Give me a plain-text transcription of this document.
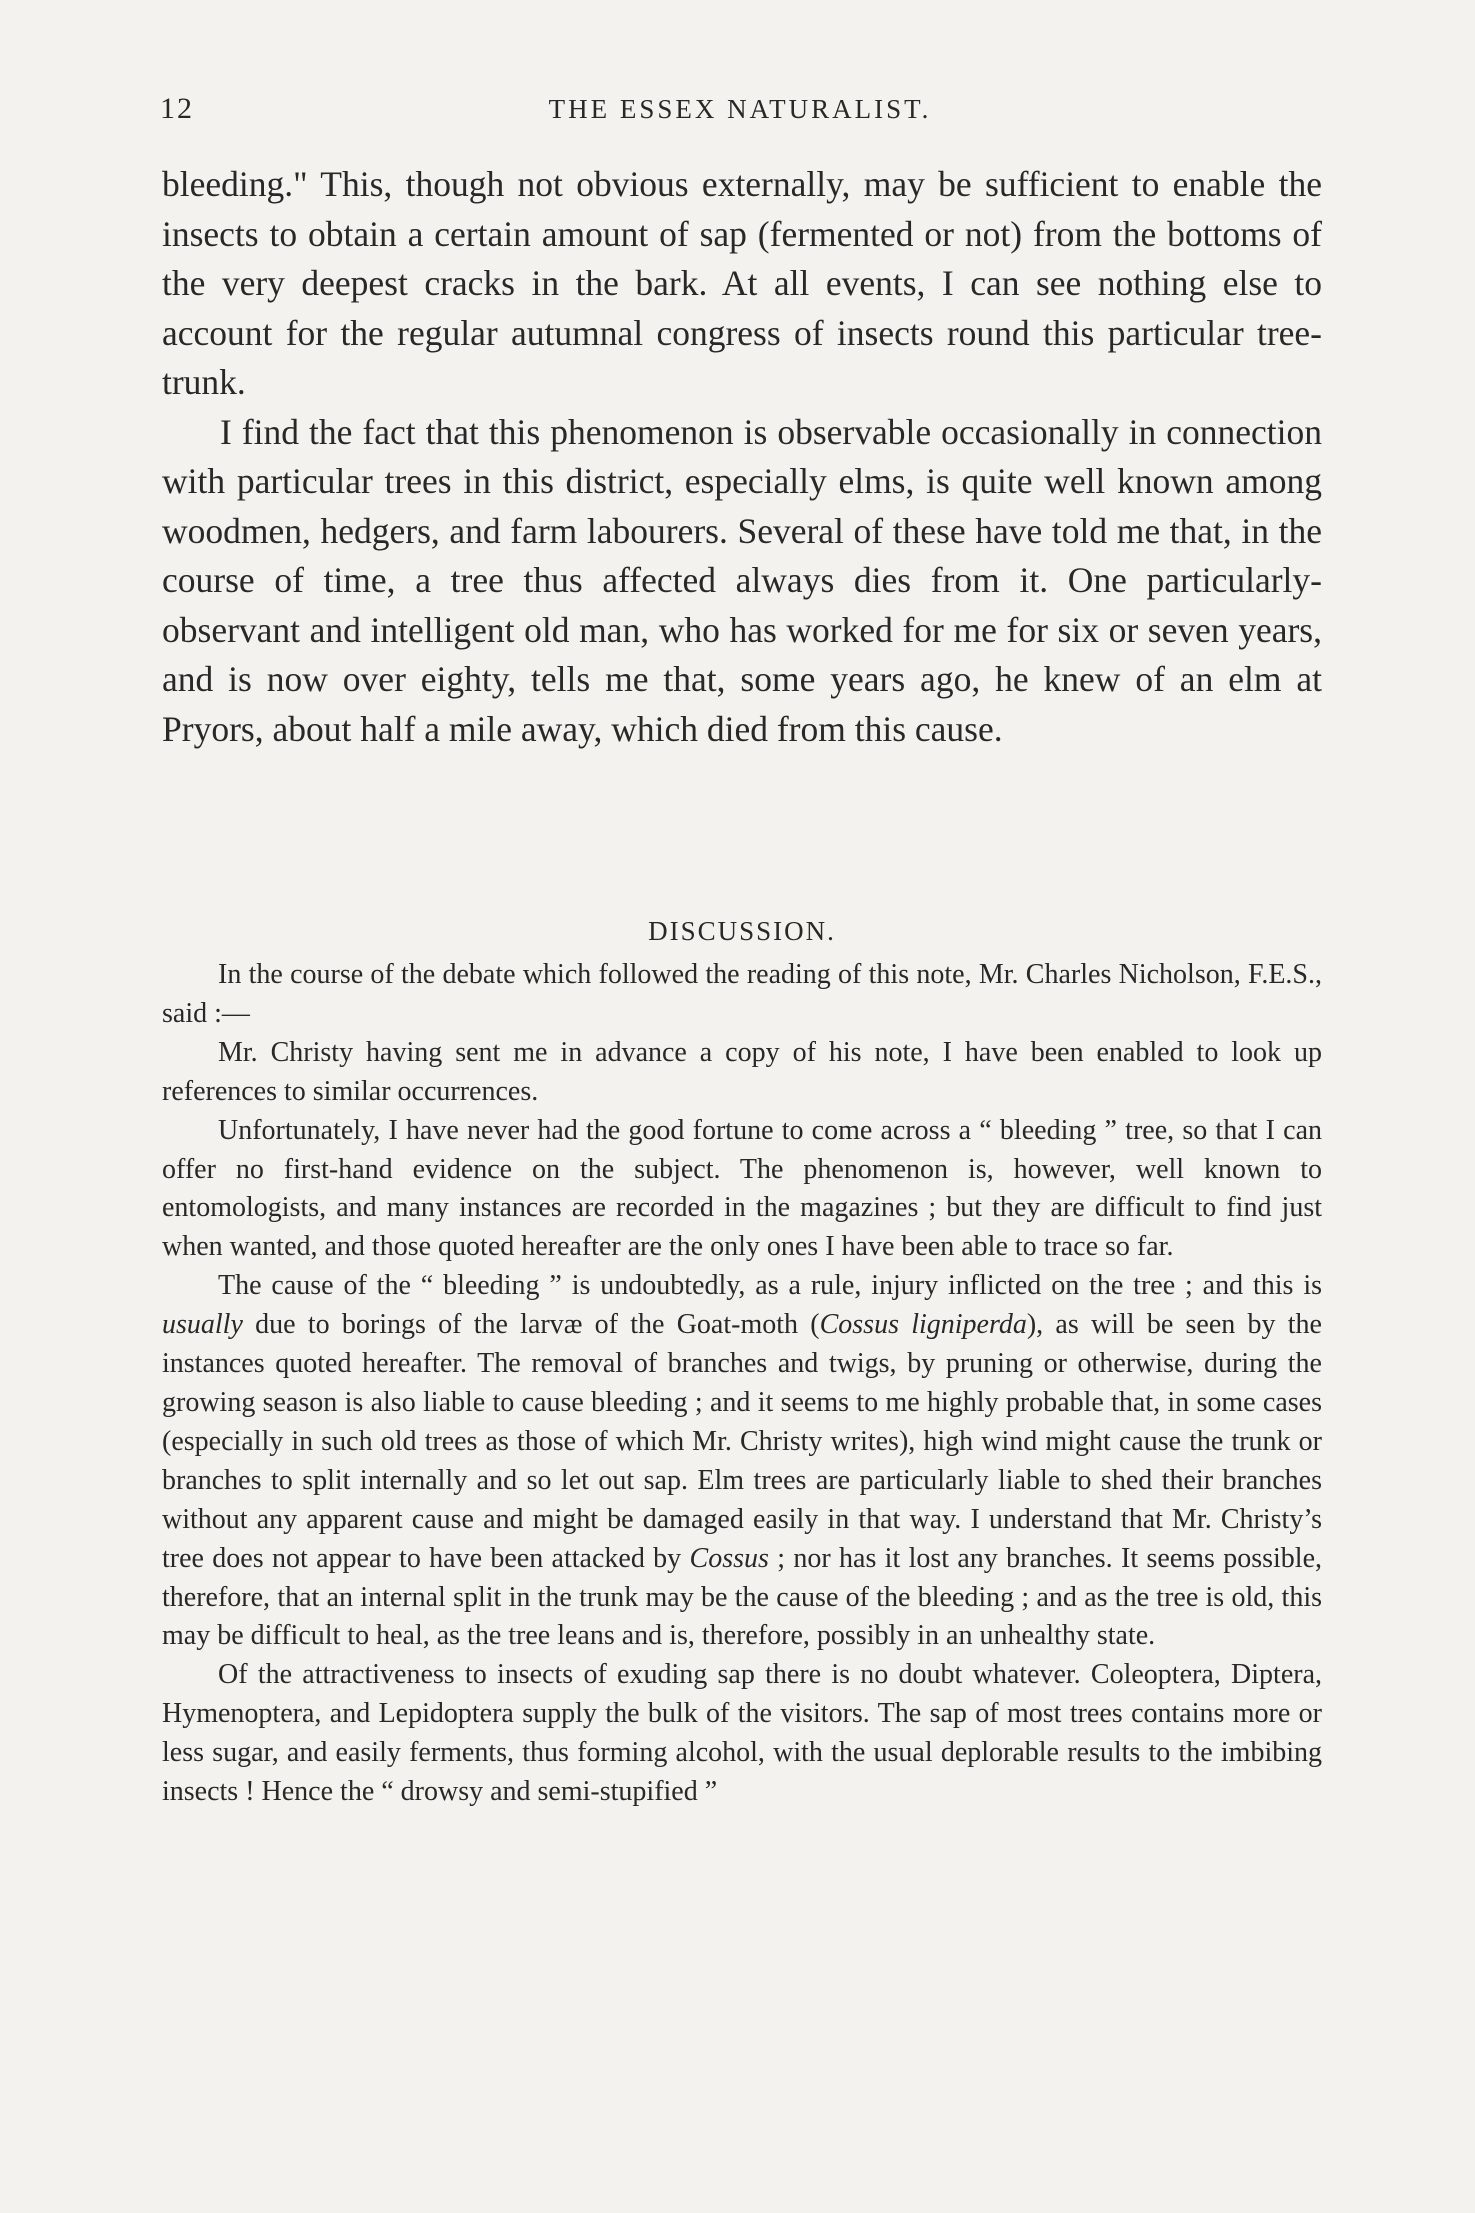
12	THE ESSEX NATURALIST.

bleeding." This, though not obvious externally, may be sufficient to enable the insects to obtain a certain amount of sap (fermented or not) from the bottoms of the very deepest cracks in the bark. At all events, I can see nothing else to account for the regular autumnal congress of insects round this particular tree-trunk.

I find the fact that this phenomenon is observable occasionally in connection with particular trees in this district, especially elms, is quite well known among woodmen, hedgers, and farm labourers. Several of these have told me that, in the course of time, a tree thus affected always dies from it. One particularly-observant and intelligent old man, who has worked for me for six or seven years, and is now over eighty, tells me that, some years ago, he knew of an elm at Pryors, about half a mile away, which died from this cause.

DISCUSSION.

In the course of the debate which followed the reading of this note, Mr. Charles Nicholson, F.E.S., said :—

Mr. Christy having sent me in advance a copy of his note, I have been enabled to look up references to similar occurrences.

Unfortunately, I have never had the good fortune to come across a “ bleeding ” tree, so that I can offer no first-hand evidence on the subject. The phenomenon is, however, well known to entomologists, and many instances are recorded in the magazines ; but they are difficult to find just when wanted, and those quoted hereafter are the only ones I have been able to trace so far.

The cause of the “ bleeding ” is undoubtedly, as a rule, injury inflicted on the tree ; and this is usually due to borings of the larvæ of the Goat-moth (Cossus ligniperda), as will be seen by the instances quoted hereafter. The removal of branches and twigs, by pruning or otherwise, during the growing season is also liable to cause bleeding ; and it seems to me highly probable that, in some cases (especially in such old trees as those of which Mr. Christy writes), high wind might cause the trunk or branches to split internally and so let out sap. Elm trees are particularly liable to shed their branches without any apparent cause and might be damaged easily in that way. I understand that Mr. Christy’s tree does not appear to have been attacked by Cossus ; nor has it lost any branches. It seems possible, therefore, that an internal split in the trunk may be the cause of the bleeding ; and as the tree is old, this may be difficult to heal, as the tree leans and is, therefore, possibly in an unhealthy state.

Of the attractiveness to insects of exuding sap there is no doubt whatever. Coleoptera, Diptera, Hymenoptera, and Lepidoptera supply the bulk of the visitors. The sap of most trees contains more or less sugar, and easily ferments, thus forming alcohol, with the usual deplorable results to the imbibing insects ! Hence the “ drowsy and semi-stupified ”
